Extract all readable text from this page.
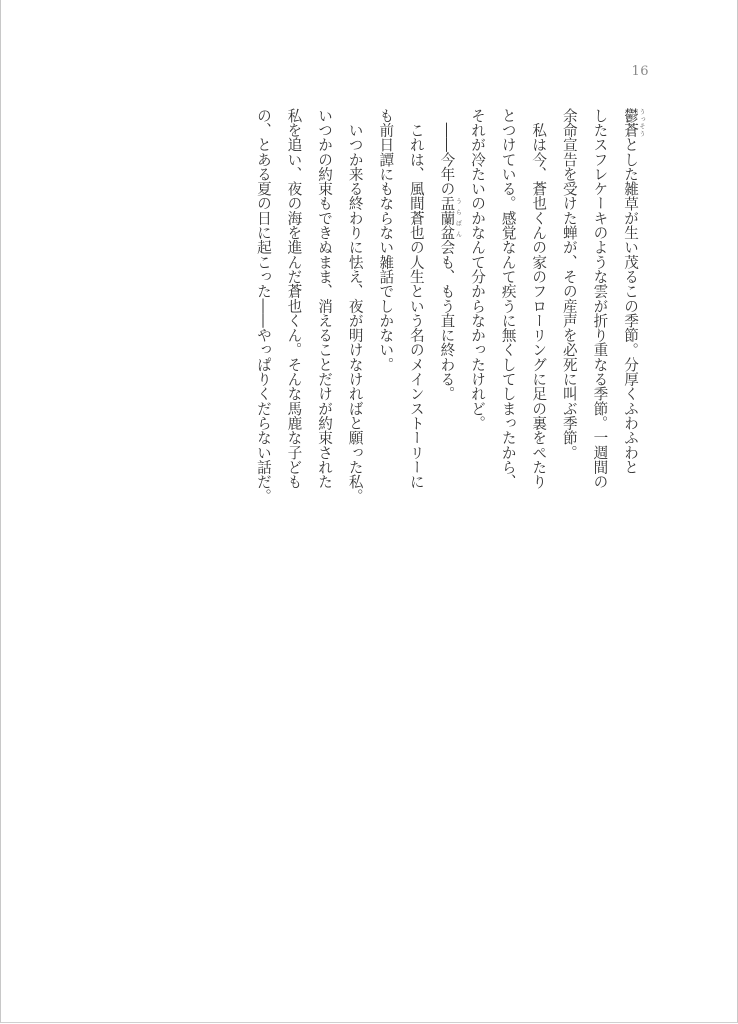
16
鬱蒼 うっそうとした雑草が生い茂るこの季節。分厚くふわふわと
したスフレケーキのような雲が折り重なる季節。一週間の
余命宣告を受けた蝉が、その産声を必死に叫ぶ季節。
　私は今、蒼也くんの家のフローリングに足の裏をぺたり
とつけている。感覚なんて疾うに無くしてしまったから、
それが冷たいのかなんて分からなかったけれど。
　――今年の盂蘭盆 うらぼん会も、もう直に終わる。
　これは、風間蒼也の人生という名のメインストーリーに
も前日譚にもならない雑話でしかない。
　いつか来る終わりに怯え、夜が明けなければと願った私。
いつかの約束もできぬまま、消えることだけが約束された
私を追い、夜の海を進んだ蒼也くん。そんな馬鹿な子ども
の、とある夏の日に起こった――やっぱりくだらない話だ。
